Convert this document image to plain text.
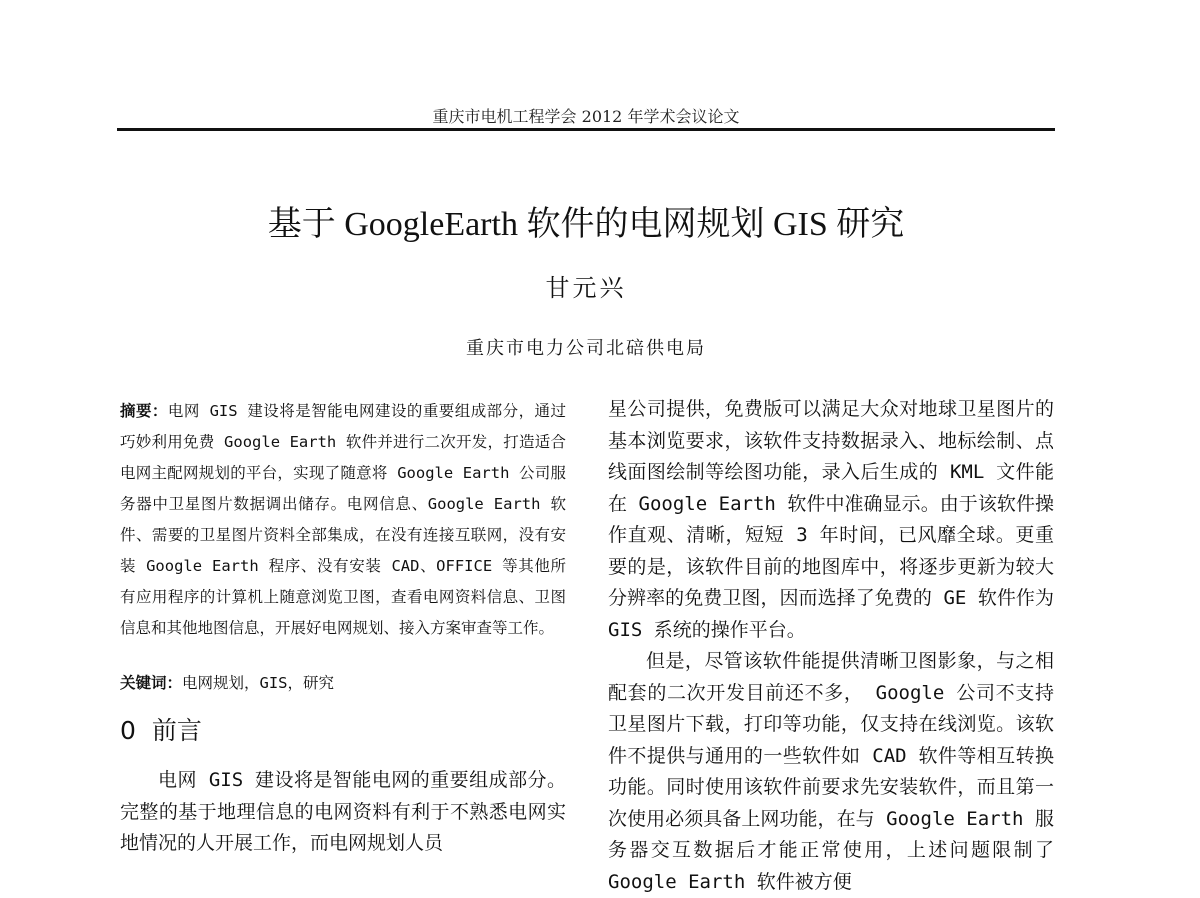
重庆市电机工程学会 2012 年学术会议论文
基于 GoogleEarth 软件的电网规划 GIS 研究
甘元兴
重庆市电力公司北碚供电局

摘要：电网 GIS 建设将是智能电网建设的重要组成部分，通过巧妙利用免费 Google Earth 软件并进行二次开发，打造适合电网主配网规划的平台，实现了随意将 Google Earth 公司服务器中卫星图片数据调出储存。电网信息、Google Earth 软件、需要的卫星图片资料全部集成，在没有连接互联网，没有安装 Google Earth 程序、没有安装 CAD、OFFICE 等其他所有应用程序的计算机上随意浏览卫图，查看电网资料信息、卫图信息和其他地图信息，开展好电网规划、接入方案审查等工作。

关键词：电网规划，GIS，研究

0 前言

电网 GIS 建设将是智能电网的重要组成部分。完整的基于地理信息的电网资料有利于不熟悉电网实地情况的人开展工作，而电网规划人员

星公司提供，免费版可以满足大众对地球卫星图片的基本浏览要求，该软件支持数据录入、地标绘制、点线面图绘制等绘图功能，录入后生成的 KML 文件能在 Google Earth 软件中准确显示。由于该软件操作直观、清晰，短短 3 年时间，已风靡全球。更重要的是，该软件目前的地图库中，将逐步更新为较大分辨率的免费卫图，因而选择了免费的 GE 软件作为 GIS 系统的操作平台。

但是，尽管该软件能提供清晰卫图影象，与之相配套的二次开发目前还不多， Google 公司不支持卫星图片下载，打印等功能，仅支持在线浏览。该软件不提供与通用的一些软件如 CAD 软件等相互转换功能。同时使用该软件前要求先安装软件，而且第一次使用必须具备上网功能，在与 Google Earth 服务器交互数据后才能正常使用，上述问题限制了 Google Earth 软件被方便
